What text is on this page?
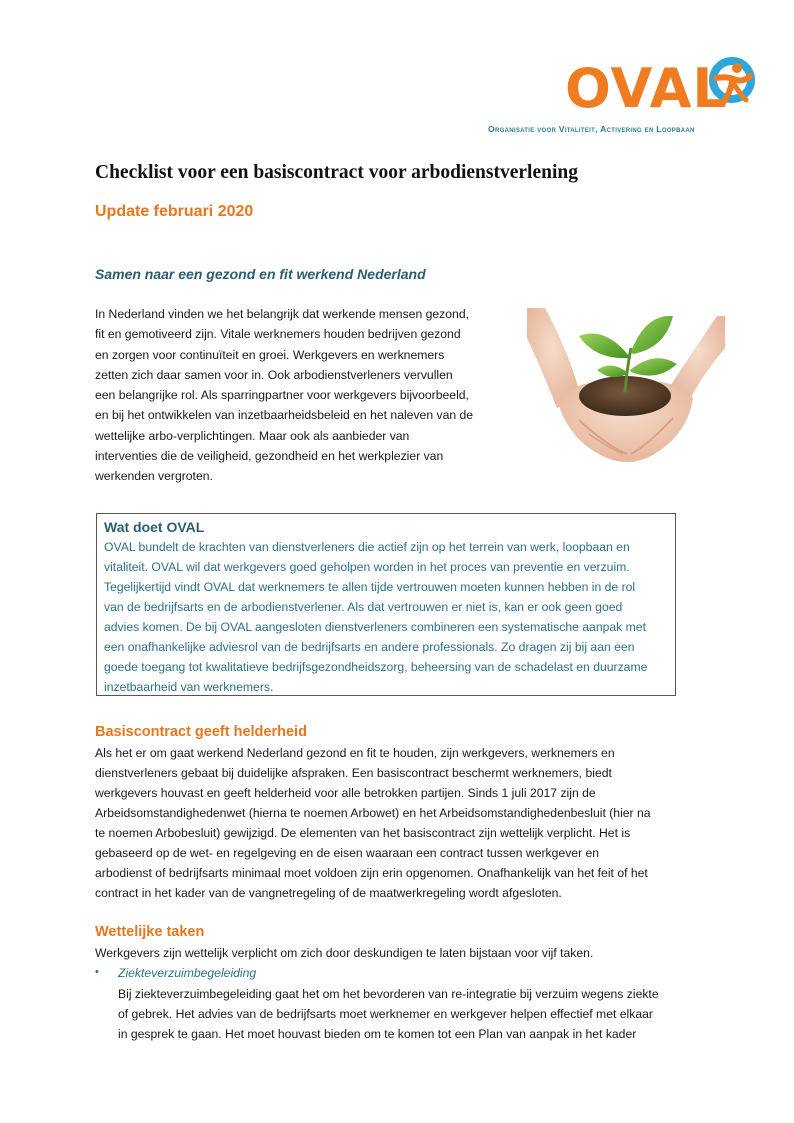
OVAL
Organisatie voor Vitaliteit, Activering en Loopbaan
Checklist voor een basiscontract voor arbodienstverlening
Update februari 2020
Samen naar een gezond en fit werkend Nederland
In Nederland vinden we het belangrijk dat werkende mensen gezond,
fit en gemotiveerd zijn. Vitale werknemers houden bedrijven gezond
en zorgen voor continuïteit en groei. Werkgevers en werknemers
zetten zich daar samen voor in. Ook arbodienstverleners vervullen
een belangrijke rol. Als sparringpartner voor werkgevers bijvoorbeeld,
en bij het ontwikkelen van inzetbaarheidsbeleid en het naleven van de
wettelijke arbo-verplichtingen. Maar ook als aanbieder van
interventies die de veiligheid, gezondheid en het werkplezier van
werkenden vergroten.
Wat doet OVAL
OVAL bundelt de krachten van dienstverleners die actief zijn op het terrein van werk, loopbaan en
vitaliteit. OVAL wil dat werkgevers goed geholpen worden in het proces van preventie en verzuim.
Tegelijkertijd vindt OVAL dat werknemers te allen tijde vertrouwen moeten kunnen hebben in de rol
van de bedrijfsarts en de arbodienstverlener. Als dat vertrouwen er niet is, kan er ook geen goed
advies komen. De bij OVAL aangesloten dienstverleners combineren een systematische aanpak met
een onafhankelijke adviesrol van de bedrijfsarts en andere professionals. Zo dragen zij bij aan een
goede toegang tot kwalitatieve bedrijfsgezondheidszorg, beheersing van de schadelast en duurzame
inzetbaarheid van werknemers.
Basiscontract geeft helderheid
Als het er om gaat werkend Nederland gezond en fit te houden, zijn werkgevers, werknemers en
dienstverleners gebaat bij duidelijke afspraken. Een basiscontract beschermt werknemers, biedt
werkgevers houvast en geeft helderheid voor alle betrokken partijen. Sinds 1 juli 2017 zijn de
Arbeidsomstandighedenwet (hierna te noemen Arbowet) en het Arbeidsomstandighedenbesluit (hier na
te noemen Arbobesluit) gewijzigd. De elementen van het basiscontract zijn wettelijk verplicht. Het is
gebaseerd op de wet- en regelgeving en de eisen waaraan een contract tussen werkgever en
arbodienst of bedrijfsarts minimaal moet voldoen zijn erin opgenomen. Onafhankelijk van het feit of het
contract in het kader van de vangnetregeling of de maatwerkregeling wordt afgesloten.
Wettelijke taken
Werkgevers zijn wettelijk verplicht om zich door deskundigen te laten bijstaan voor vijf taken.
• Ziekteverzuimbegeleiding
Bij ziekteverzuimbegeleiding gaat het om het bevorderen van re-integratie bij verzuim wegens ziekte
of gebrek. Het advies van de bedrijfsarts moet werknemer en werkgever helpen effectief met elkaar
in gesprek te gaan. Het moet houvast bieden om te komen tot een Plan van aanpak in het kader
